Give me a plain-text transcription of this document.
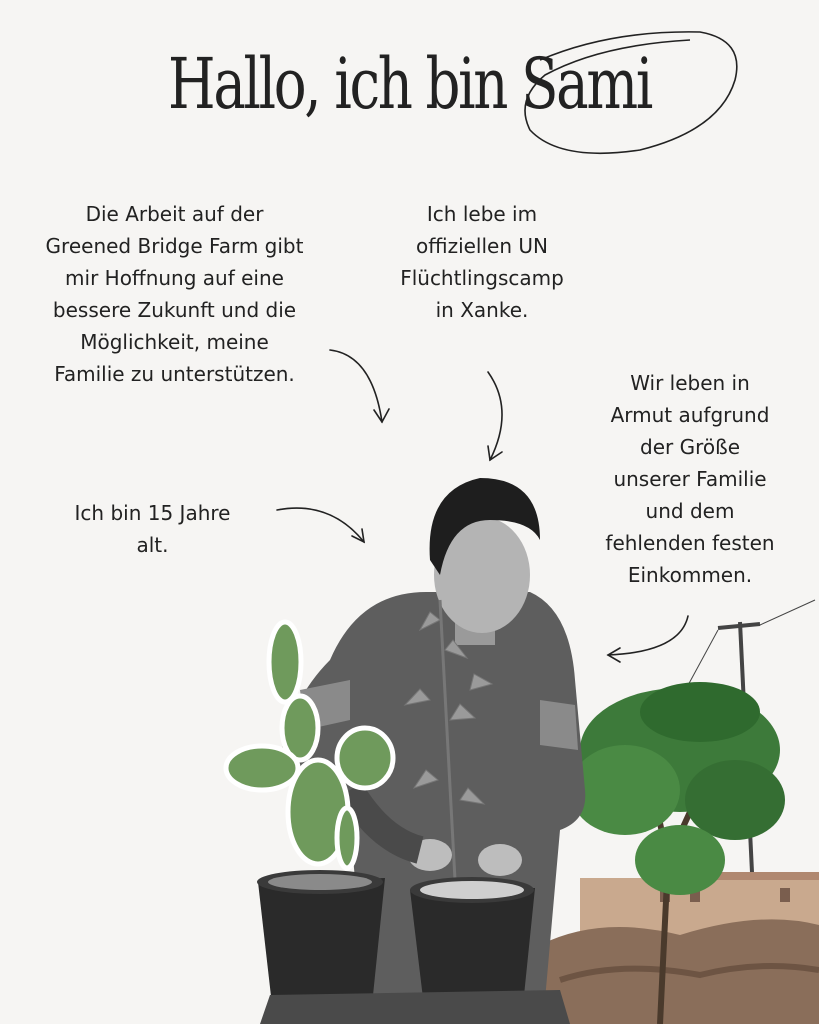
Hallo, ich bin Sami
Die Arbeit auf der
Greened Bridge Farm gibt
mir Hoffnung auf eine
bessere Zukunft und die
Möglichkeit, meine
Familie zu unterstützen.
Ich lebe im
offiziellen UN
Flüchtlingscamp
in Xanke.
Wir leben in
Armut aufgrund
der Größe
unserer Familie
und dem
fehlenden festen
Einkommen.
Ich bin 15 Jahre
alt.
